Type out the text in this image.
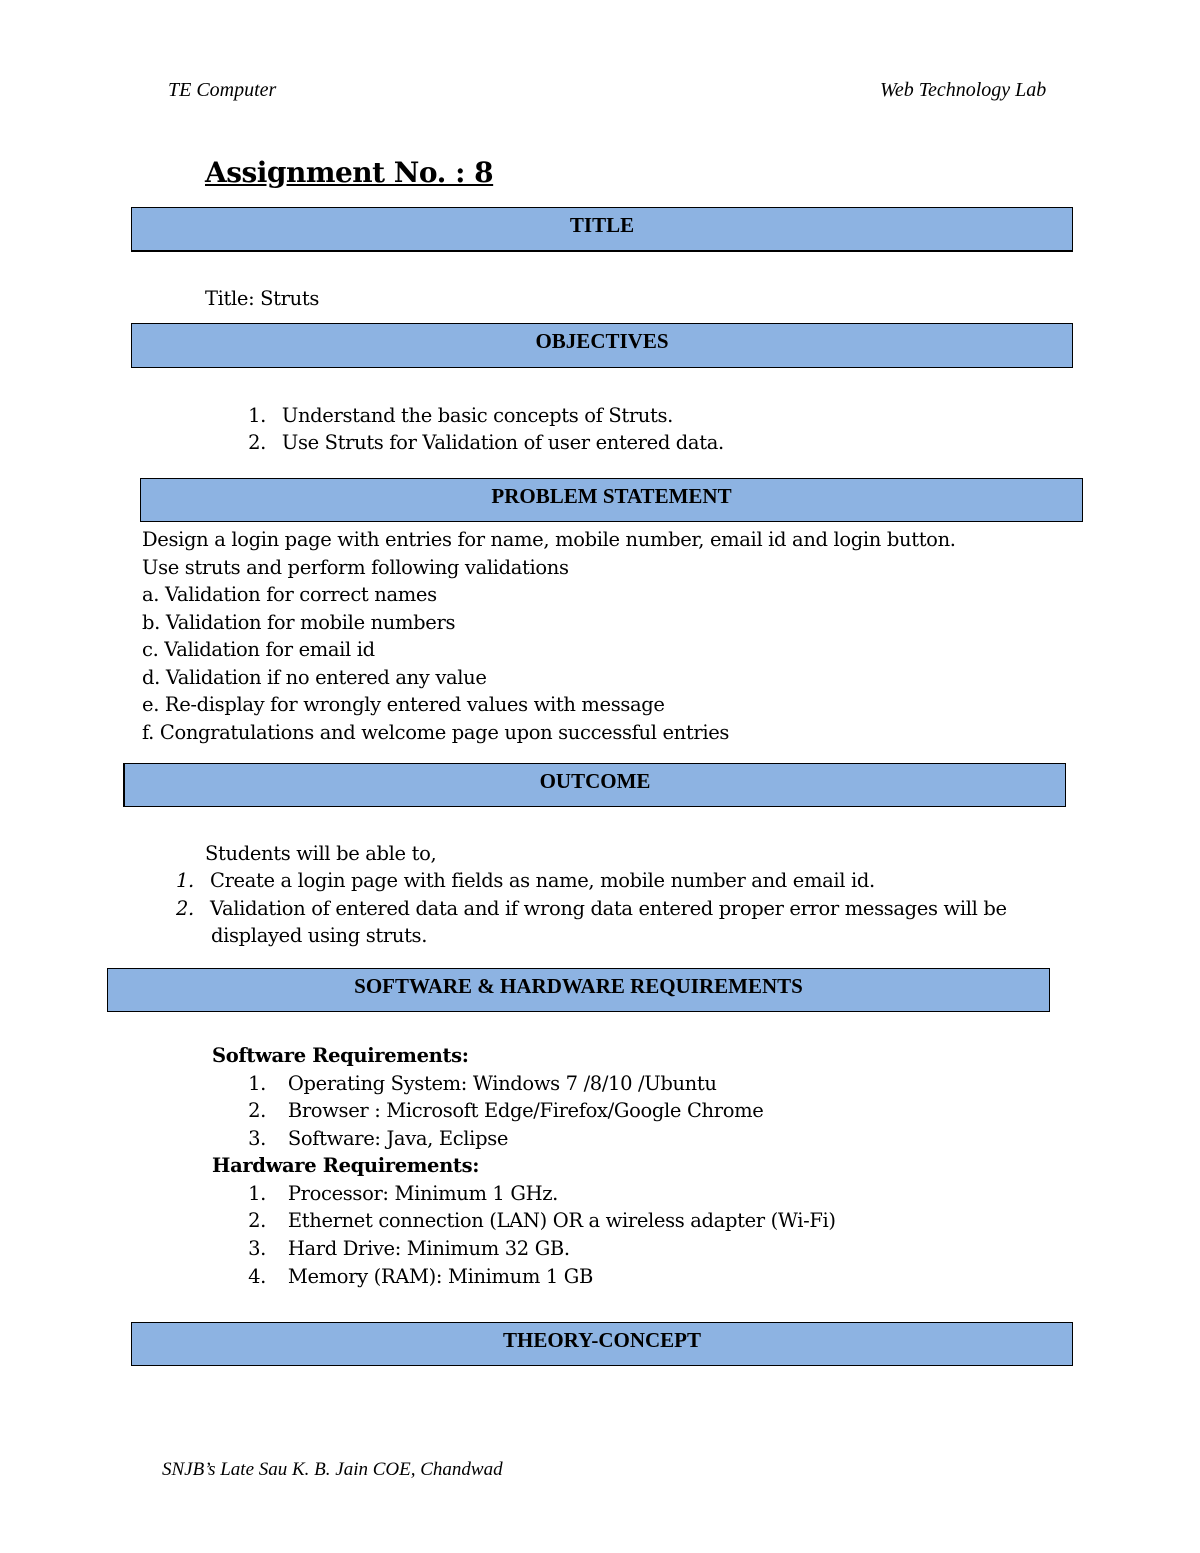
TE Computer	Web Technology Lab
Assignment No. : 8
TITLE
Title: Struts
OBJECTIVES
1. Understand the basic concepts of Struts.
2. Use Struts for Validation of user entered data.
PROBLEM STATEMENT
Design a login page with entries for name, mobile number, email id and login button.
Use struts and perform following validations
a. Validation for correct names
b. Validation for mobile numbers
c. Validation for email id
d. Validation if no entered any value
e. Re-display for wrongly entered values with message
f. Congratulations and welcome page upon successful entries
OUTCOME
Students will be able to,
1. Create a login page with fields as name, mobile number and email id.
2. Validation of entered data and if wrong data entered proper error messages will be
displayed using struts.
SOFTWARE & HARDWARE REQUIREMENTS
Software Requirements:
1. Operating System: Windows 7 /8/10 /Ubuntu
2. Browser : Microsoft Edge/Firefox/Google Chrome
3. Software: Java, Eclipse
Hardware Requirements:
1. Processor: Minimum 1 GHz.
2. Ethernet connection (LAN) OR a wireless adapter (Wi-Fi)
3. Hard Drive: Minimum 32 GB.
4. Memory (RAM): Minimum 1 GB
THEORY-CONCEPT
SNJB’s Late Sau K. B. Jain COE, Chandwad
